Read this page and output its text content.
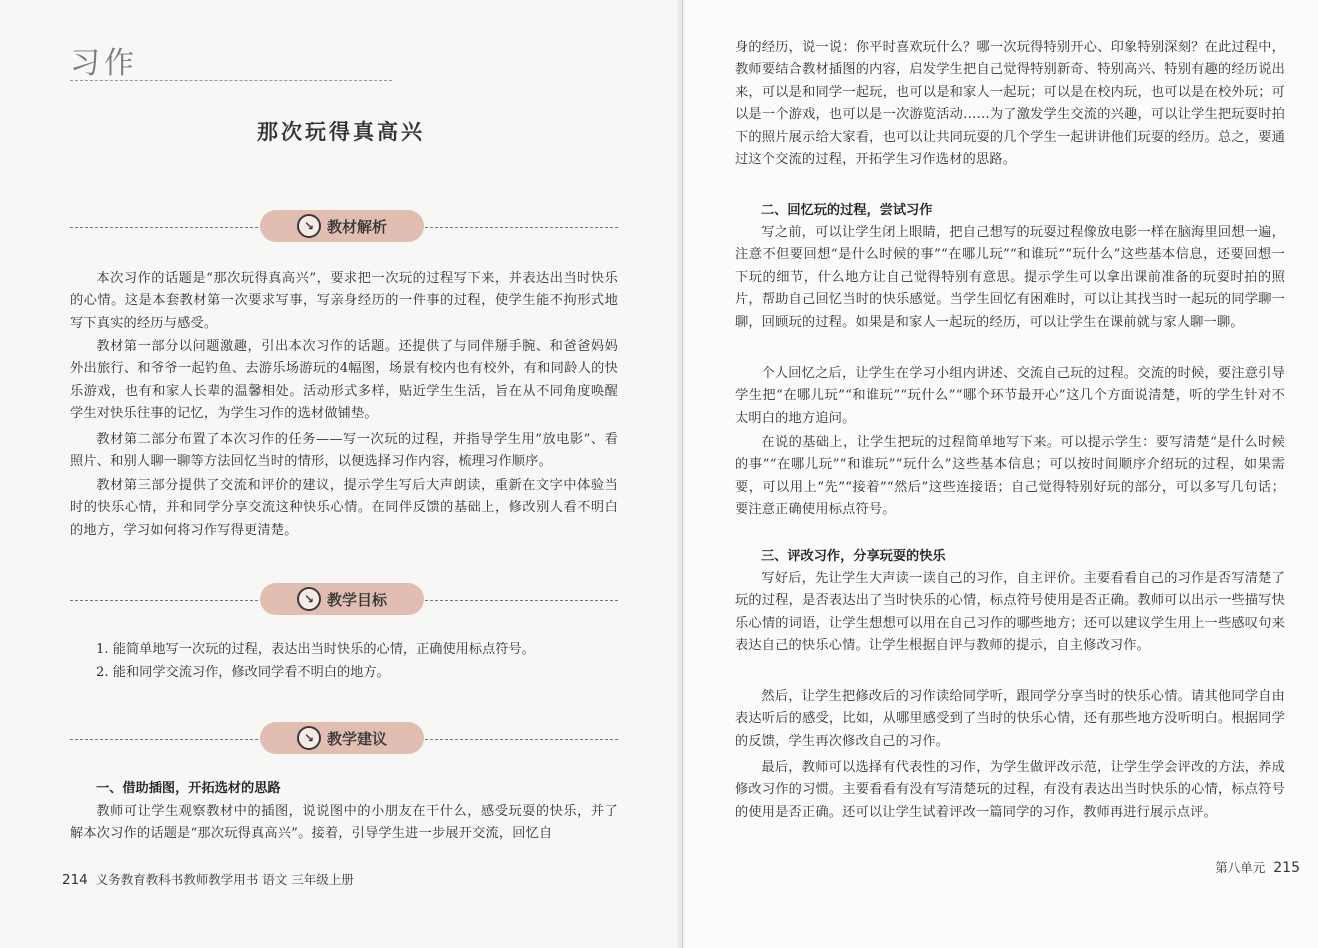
习作
那次玩得真高兴
↘ 教材解析
本次习作的话题是“那次玩得真高兴”，要求把一次玩的过程写下来，并表达出当时快乐的心情。这是本套教材第一次要求写事，写亲身经历的一件事的过程，使学生能不拘形式地写下真实的经历与感受。
教材第一部分以问题激趣，引出本次习作的话题。还提供了与同伴掰手腕、和爸爸妈妈外出旅行、和爷爷一起钓鱼、去游乐场游玩的4幅图，场景有校内也有校外，有和同龄人的快乐游戏，也有和家人长辈的温馨相处。活动形式多样，贴近学生生活，旨在从不同角度唤醒学生对快乐往事的记忆，为学生习作的选材做铺垫。
教材第二部分布置了本次习作的任务——写一次玩的过程，并指导学生用“放电影”、看照片、和别人聊一聊等方法回忆当时的情形，以便选择习作内容，梳理习作顺序。
教材第三部分提供了交流和评价的建议，提示学生写后大声朗读，重新在文字中体验当时的快乐心情，并和同学分享交流这种快乐心情。在同伴反馈的基础上，修改别人看不明白的地方，学习如何将习作写得更清楚。
↘ 教学目标
1. 能简单地写一次玩的过程，表达出当时快乐的心情，正确使用标点符号。
2. 能和同学交流习作，修改同学看不明白的地方。
↘ 教学建议
一、借助插图，开拓选材的思路
教师可让学生观察教材中的插图，说说图中的小朋友在干什么，感受玩耍的快乐，并了解本次习作的话题是“那次玩得真高兴”。接着，引导学生进一步展开交流，回忆自
214 义务教育教科书教师教学用书 语文 三年级上册
身的经历，说一说：你平时喜欢玩什么？哪一次玩得特别开心、印象特别深刻？在此过程中，教师要结合教材插图的内容，启发学生把自己觉得特别新奇、特别高兴、特别有趣的经历说出来，可以是和同学一起玩，也可以是和家人一起玩；可以是在校内玩，也可以是在校外玩；可以是一个游戏，也可以是一次游览活动……为了激发学生交流的兴趣，可以让学生把玩耍时拍下的照片展示给大家看，也可以让共同玩耍的几个学生一起讲讲他们玩耍的经历。总之，要通过这个交流的过程，开拓学生习作选材的思路。
二、回忆玩的过程，尝试习作
写之前，可以让学生闭上眼睛，把自己想写的玩耍过程像放电影一样在脑海里回想一遍，注意不但要回想“是什么时候的事”“在哪儿玩”“和谁玩”“玩什么”这些基本信息，还要回想一下玩的细节，什么地方让自己觉得特别有意思。提示学生可以拿出课前准备的玩耍时拍的照片，帮助自己回忆当时的快乐感觉。当学生回忆有困难时，可以让其找当时一起玩的同学聊一聊，回顾玩的过程。如果是和家人一起玩的经历，可以让学生在课前就与家人聊一聊。
个人回忆之后，让学生在学习小组内讲述、交流自己玩的过程。交流的时候，要注意引导学生把“在哪儿玩”“和谁玩”“玩什么”“哪个环节最开心”这几个方面说清楚，听的学生针对不太明白的地方追问。
在说的基础上，让学生把玩的过程简单地写下来。可以提示学生：要写清楚“是什么时候的事”“在哪儿玩”“和谁玩”“玩什么”这些基本信息；可以按时间顺序介绍玩的过程，如果需要，可以用上“先”“接着”“然后”这些连接语；自己觉得特别好玩的部分，可以多写几句话；要注意正确使用标点符号。
三、评改习作，分享玩耍的快乐
写好后，先让学生大声读一读自己的习作，自主评价。主要看看自己的习作是否写清楚了玩的过程，是否表达出了当时快乐的心情，标点符号使用是否正确。教师可以出示一些描写快乐心情的词语，让学生想想可以用在自己习作的哪些地方；还可以建议学生用上一些感叹句来表达自己的快乐心情。让学生根据自评与教师的提示，自主修改习作。
然后，让学生把修改后的习作读给同学听，跟同学分享当时的快乐心情。请其他同学自由表达听后的感受，比如，从哪里感受到了当时的快乐心情，还有那些地方没听明白。根据同学的反馈，学生再次修改自己的习作。
最后，教师可以选择有代表性的习作，为学生做评改示范，让学生学会评改的方法，养成修改习作的习惯。主要看看有没有写清楚玩的过程，有没有表达出当时快乐的心情，标点符号的使用是否正确。还可以让学生试着评改一篇同学的习作，教师再进行展示点评。
第八单元 215
